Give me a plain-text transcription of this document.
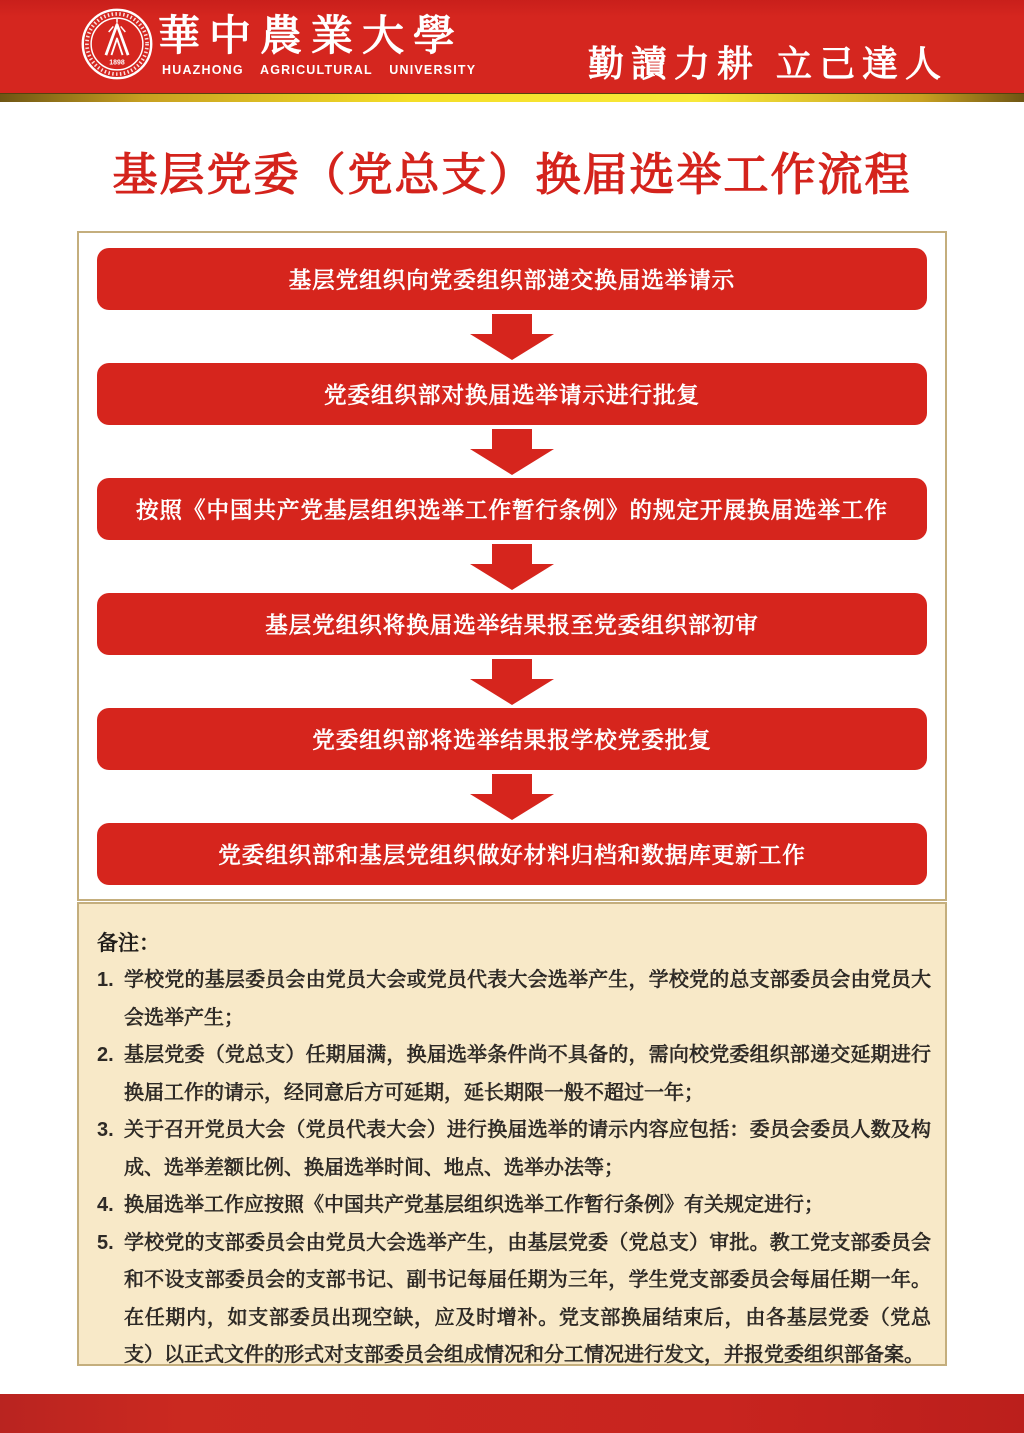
1898
華中農業大學
HUAZHONG AGRICULTURAL UNIVERSITY	勤讀力耕 立己達人
基层党委（党总支）换届选举工作流程
基层党组织向党委组织部递交换届选举请示
党委组织部对换届选举请示进行批复
按照《中国共产党基层组织选举工作暂行条例》的规定开展换届选举工作
基层党组织将换届选举结果报至党委组织部初审
党委组织部将选举结果报学校党委批复
党委组织部和基层党组织做好材料归档和数据库更新工作
备注：
1. 学校党的基层委员会由党员大会或党员代表大会选举产生，学校党的总支部委员会由党员大会选举产生；
2. 基层党委（党总支）任期届满，换届选举条件尚不具备的，需向校党委组织部递交延期进行换届工作的请示，经同意后方可延期，延长期限一般不超过一年；
3. 关于召开党员大会（党员代表大会）进行换届选举的请示内容应包括：委员会委员人数及构成、选举差额比例、换届选举时间、地点、选举办法等；
4. 换届选举工作应按照《中国共产党基层组织选举工作暂行条例》有关规定进行；
5. 学校党的支部委员会由党员大会选举产生，由基层党委（党总支）审批。教工党支部委员会和不设支部委员会的支部书记、副书记每届任期为三年，学生党支部委员会每届任期一年。在任期内，如支部委员出现空缺，应及时增补。党支部换届结束后，由各基层党委（党总支）以正式文件的形式对支部委员会组成情况和分工情况进行发文，并报党委组织部备案。
